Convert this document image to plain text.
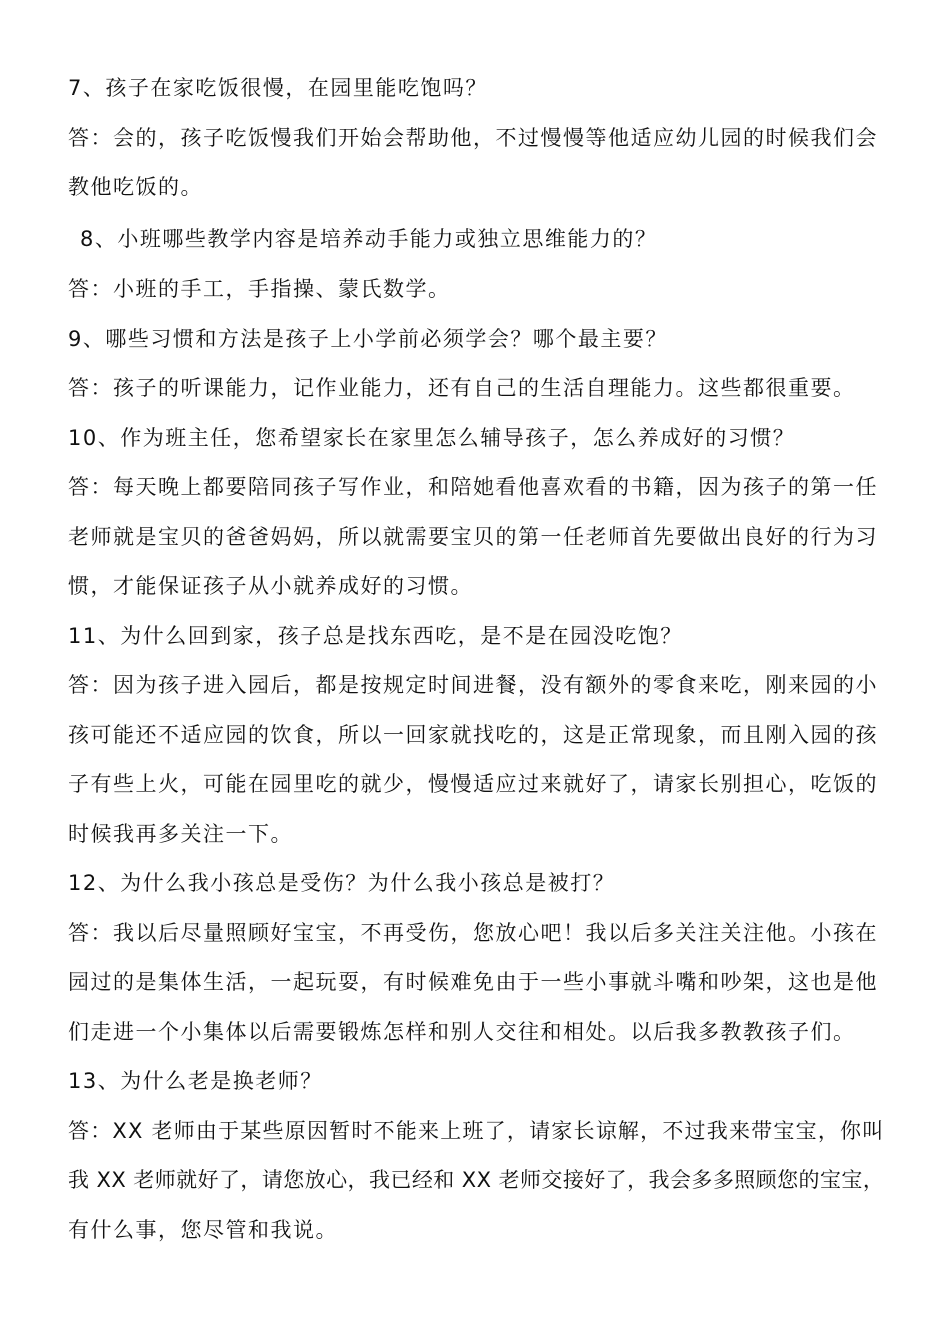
7、孩子在家吃饭很慢，在园里能吃饱吗？
答：会的，孩子吃饭慢我们开始会帮助他，不过慢慢等他适应幼儿园的时候我们会
教他吃饭的。
8、小班哪些教学内容是培养动手能力或独立思维能力的？
答：小班的手工，手指操、蒙氏数学。
9、哪些习惯和方法是孩子上小学前必须学会？哪个最主要？
答：孩子的听课能力，记作业能力，还有自己的生活自理能力。这些都很重要。
10、作为班主任，您希望家长在家里怎么辅导孩子，怎么养成好的习惯？
答：每天晚上都要陪同孩子写作业，和陪她看他喜欢看的书籍，因为孩子的第一任
老师就是宝贝的爸爸妈妈，所以就需要宝贝的第一任老师首先要做出良好的行为习
惯，才能保证孩子从小就养成好的习惯。
11、为什么回到家，孩子总是找东西吃，是不是在园没吃饱？
答：因为孩子进入园后，都是按规定时间进餐，没有额外的零食来吃，刚来园的小
孩可能还不适应园的饮食，所以一回家就找吃的，这是正常现象，而且刚入园的孩
子有些上火，可能在园里吃的就少，慢慢适应过来就好了，请家长别担心，吃饭的
时候我再多关注一下。
12、为什么我小孩总是受伤？为什么我小孩总是被打？
答：我以后尽量照顾好宝宝，不再受伤，您放心吧！我以后多关注关注他。小孩在
园过的是集体生活，一起玩耍，有时候难免由于一些小事就斗嘴和吵架，这也是他
们走进一个小集体以后需要锻炼怎样和别人交往和相处。以后我多教教孩子们。
13、为什么老是换老师？
答：XX 老师由于某些原因暂时不能来上班了，请家长谅解，不过我来带宝宝，你叫
我 XX 老师就好了，请您放心，我已经和 XX 老师交接好了，我会多多照顾您的宝宝，
有什么事，您尽管和我说。
